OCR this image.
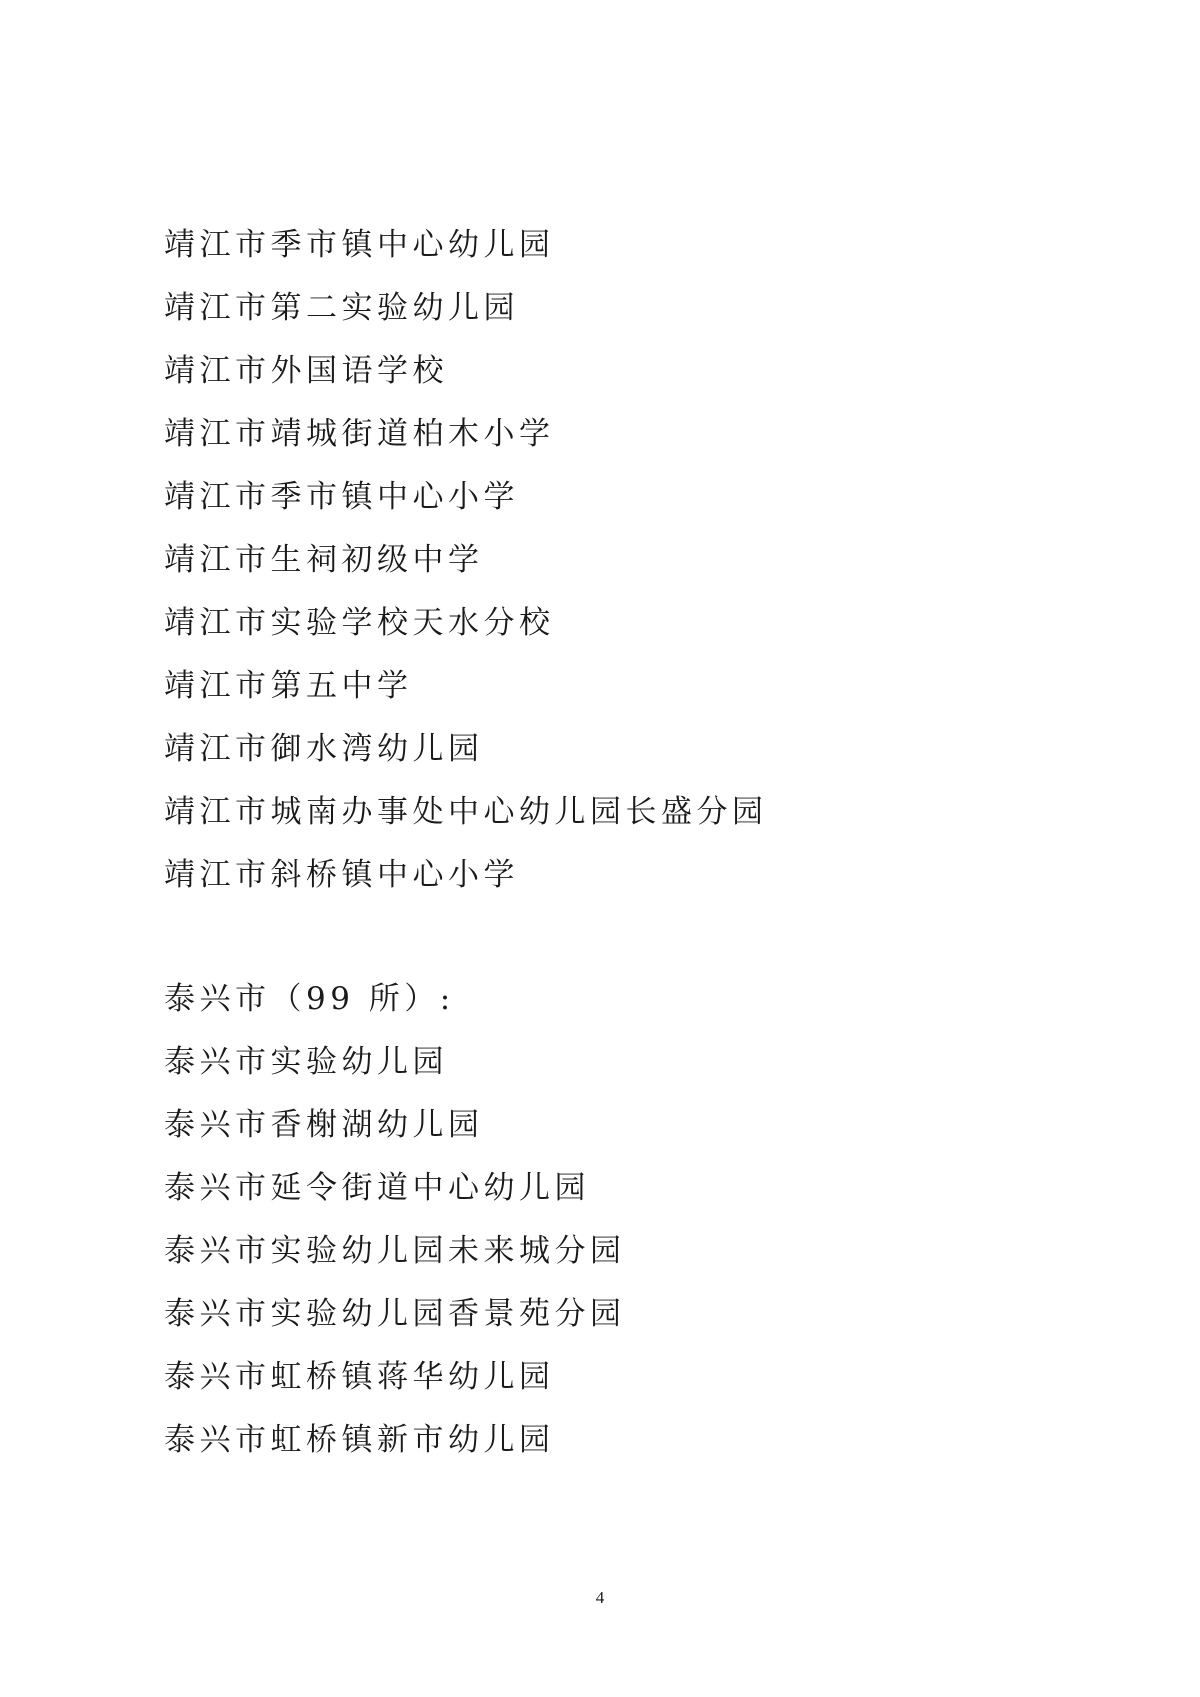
靖江市季市镇中心幼儿园
靖江市第二实验幼儿园
靖江市外国语学校
靖江市靖城街道柏木小学
靖江市季市镇中心小学
靖江市生祠初级中学
靖江市实验学校天水分校
靖江市第五中学
靖江市御水湾幼儿园
靖江市城南办事处中心幼儿园长盛分园
靖江市斜桥镇中心小学
泰兴市（99 所）:
泰兴市实验幼儿园
泰兴市香榭湖幼儿园
泰兴市延令街道中心幼儿园
泰兴市实验幼儿园未来城分园
泰兴市实验幼儿园香景苑分园
泰兴市虹桥镇蒋华幼儿园
泰兴市虹桥镇新市幼儿园
4
